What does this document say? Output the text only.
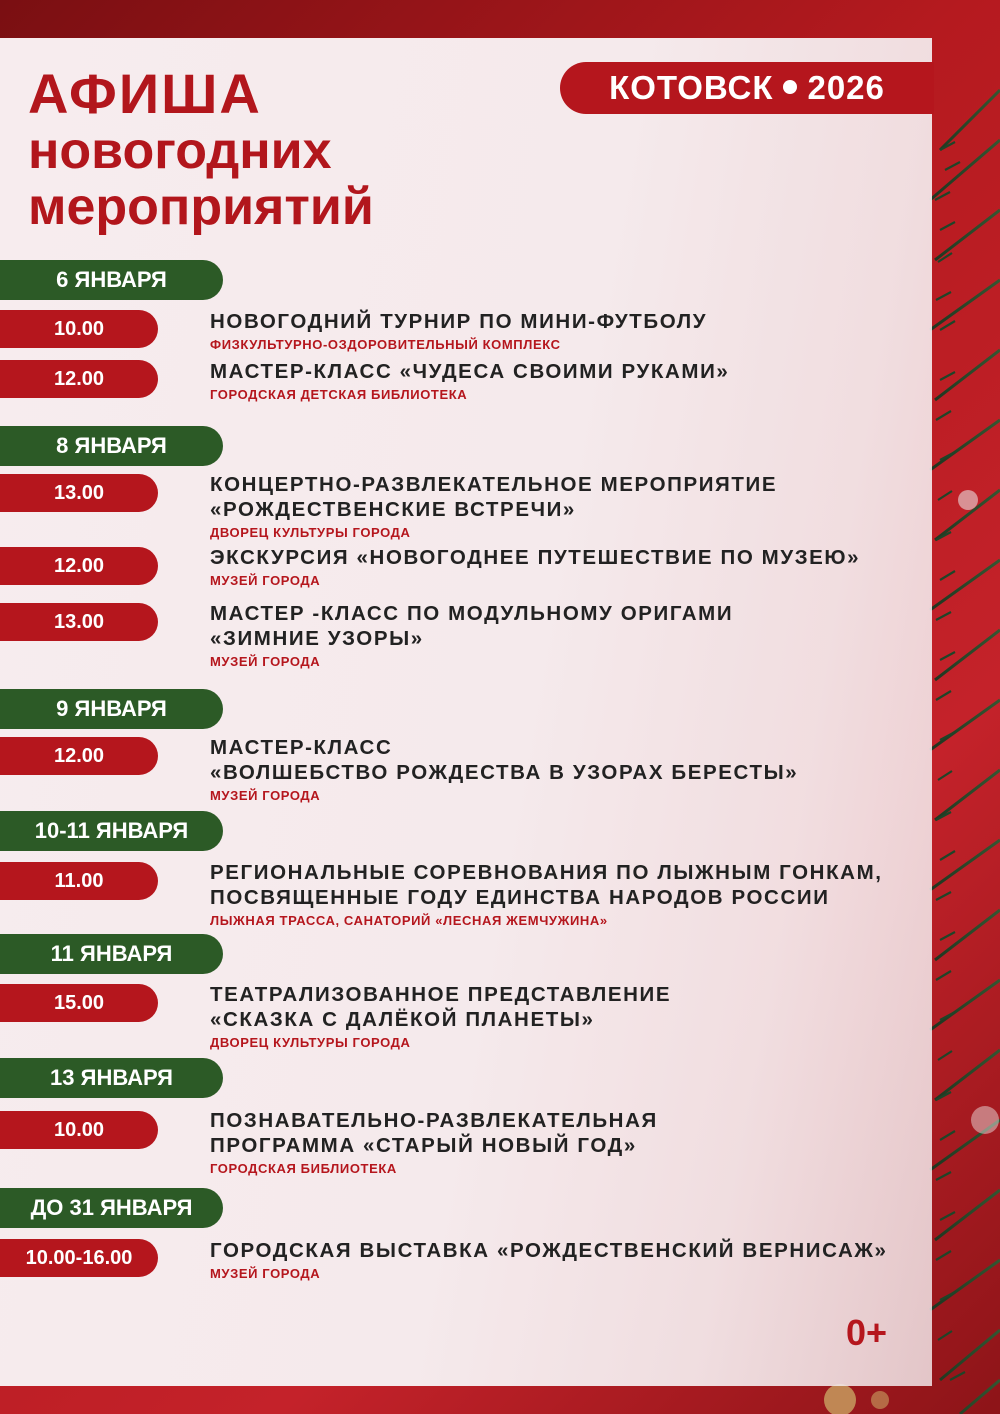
АФИША
новогодних
мероприятий
КОТОВСК 2026
6 ЯНВАРЯ
10.00	НОВОГОДНИЙ ТУРНИР ПО МИНИ-ФУТБОЛУ
ФИЗКУЛЬТУРНО-ОЗДОРОВИТЕЛЬНЫЙ КОМПЛЕКС
12.00	МАСТЕР-КЛАСС «ЧУДЕСА СВОИМИ РУКАМИ»
ГОРОДСКАЯ ДЕТСКАЯ БИБЛИОТЕКА
8 ЯНВАРЯ
13.00	КОНЦЕРТНО-РАЗВЛЕКАТЕЛЬНОЕ МЕРОПРИЯТИЕ
«РОЖДЕСТВЕНСКИЕ ВСТРЕЧИ»
ДВОРЕЦ КУЛЬТУРЫ ГОРОДА
12.00	ЭКСКУРСИЯ «НОВОГОДНЕЕ ПУТЕШЕСТВИЕ ПО МУЗЕЮ»
МУЗЕЙ ГОРОДА
13.00	МАСТЕР -КЛАСС ПО МОДУЛЬНОМУ ОРИГАМИ
«ЗИМНИЕ УЗОРЫ»
МУЗЕЙ ГОРОДА
9 ЯНВАРЯ
12.00	МАСТЕР-КЛАСС
«ВОЛШЕБСТВО РОЖДЕСТВА В УЗОРАХ БЕРЕСТЫ»
МУЗЕЙ ГОРОДА
10-11 ЯНВАРЯ
11.00	РЕГИОНАЛЬНЫЕ СОРЕВНОВАНИЯ ПО ЛЫЖНЫМ ГОНКАМ,
ПОСВЯЩЕННЫЕ ГОДУ ЕДИНСТВА НАРОДОВ РОССИИ
ЛЫЖНАЯ ТРАССА, САНАТОРИЙ «ЛЕСНАЯ ЖЕМЧУЖИНА»
11 ЯНВАРЯ
15.00	ТЕАТРАЛИЗОВАННОЕ ПРЕДСТАВЛЕНИЕ
«СКАЗКА С ДАЛЁКОЙ ПЛАНЕТЫ»
ДВОРЕЦ КУЛЬТУРЫ ГОРОДА
13 ЯНВАРЯ
10.00	ПОЗНАВАТЕЛЬНО-РАЗВЛЕКАТЕЛЬНАЯ
ПРОГРАММА «СТАРЫЙ НОВЫЙ ГОД»
ГОРОДСКАЯ БИБЛИОТЕКА
ДО 31 ЯНВАРЯ
10.00-16.00	ГОРОДСКАЯ ВЫСТАВКА «РОЖДЕСТВЕНСКИЙ ВЕРНИСАЖ»
МУЗЕЙ ГОРОДА
0+
